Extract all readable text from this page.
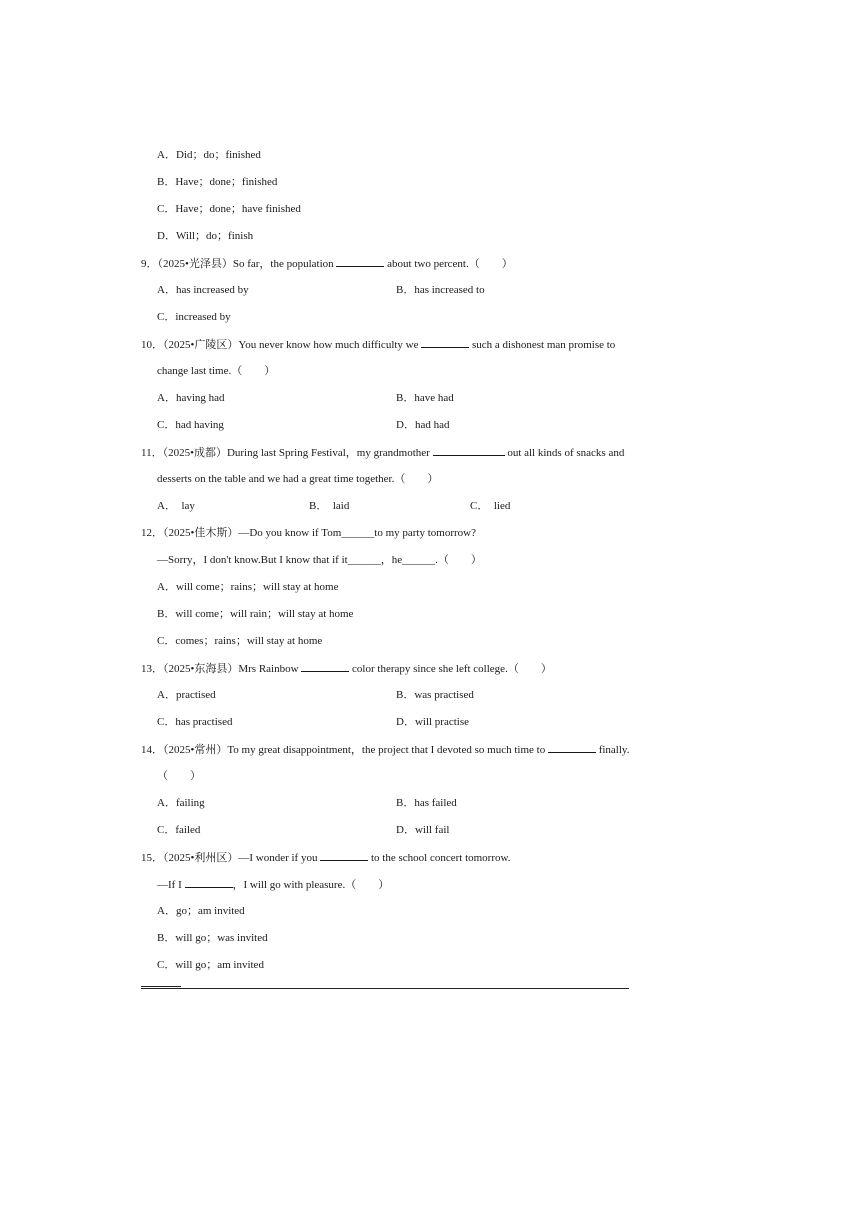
A．Did；do；finished
B．Have；done；finished
C．Have；done；have finished
D．Will；do；finish
9．（2025•光泽县）So far，the population	about two percent.（　　）
A．has increased by	B．has increased to
C．increased by
10．（2025•广陵区）You never know how much difficulty we	such a dishonest man promise to
change last time.（　　）
A．having had	B．have had
C．had having	D．had had
11．（2025•成都）During last Spring Festival，my grandmother	out all kinds of snacks and
desserts on the table and we had a great time together.（　　）
A．　lay	B．　laid	C．　lied
12．（2025•佳木斯）—Do you know if Tom______to my party tomorrow?
—Sorry，I don't know.But I know that if it______，he______.（　　）
A．will come；rains；will stay at home
B．will come；will rain；will stay at home
C．comes；rains；will stay at home
13．（2025•东海县）Mrs Rainbow	color therapy since she left college.（　　）
A．practised	B．was practised
C．has practised	D．will practise
14．（2025•常州）To my great disappointment，the project that I devoted so much time to	finally.
（　　）
A．failing	B．has failed
C．failed	D．will fail
15．（2025•利州区）—I wonder if you	to the school concert tomorrow.
—If I	，I will go with pleasure.（　　）
A．go；am invited
B．will go；was invited
C．will go；am invited
